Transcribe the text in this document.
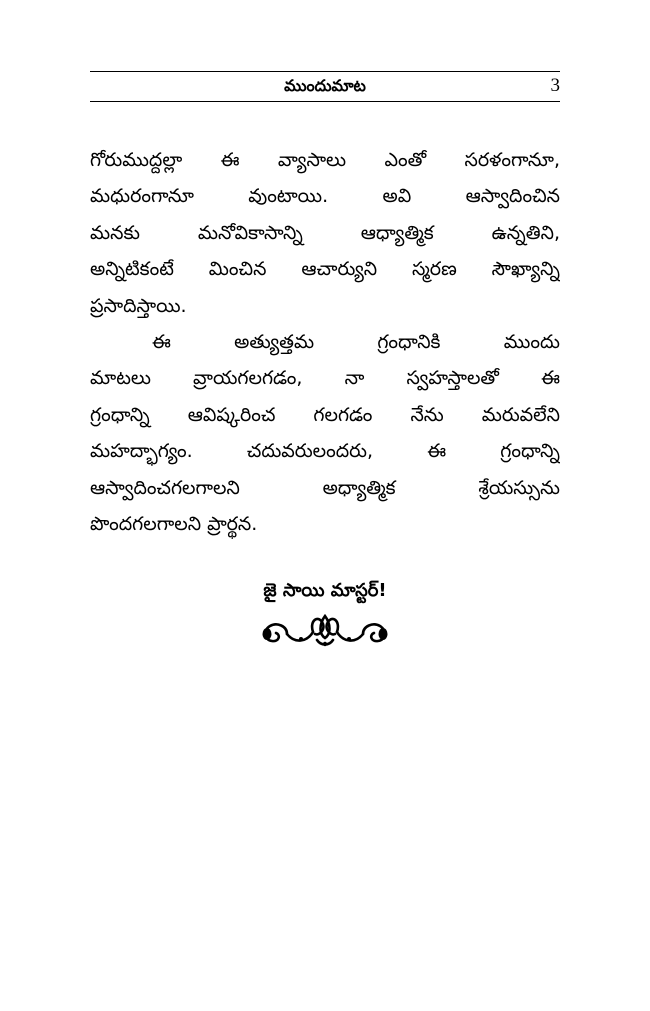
ముందుమాట	3
గోరుముద్దల్లా ఈ వ్యాసాలు ఎంతో సరళంగానూ,
మధురంగానూ వుంటాయి. అవి ఆస్వాదించిన
మనకు మనోవికాసాన్ని ఆధ్యాత్మిక ఉన్నతిని,
అన్నిటికంటే మించిన ఆచార్యుని స్మరణ సౌఖ్యాన్ని
ప్రసాదిస్తాయి.
ఈ అత్యుత్తమ గ్రంధానికి ముందు
మాటలు వ్రాయగలగడం, నా స్వహస్తాలతో ఈ
గ్రంధాన్ని ఆవిష్కరించ గలగడం నేను మరువలేని
మహద్భాగ్యం. చదువరులందరు, ఈ గ్రంధాన్ని
ఆస్వాదించగలగాలని అధ్యాత్మిక శ్రేయస్సును
పొందగలగాలని ప్రార్థన.
జై సాయి మాస్టర్!
